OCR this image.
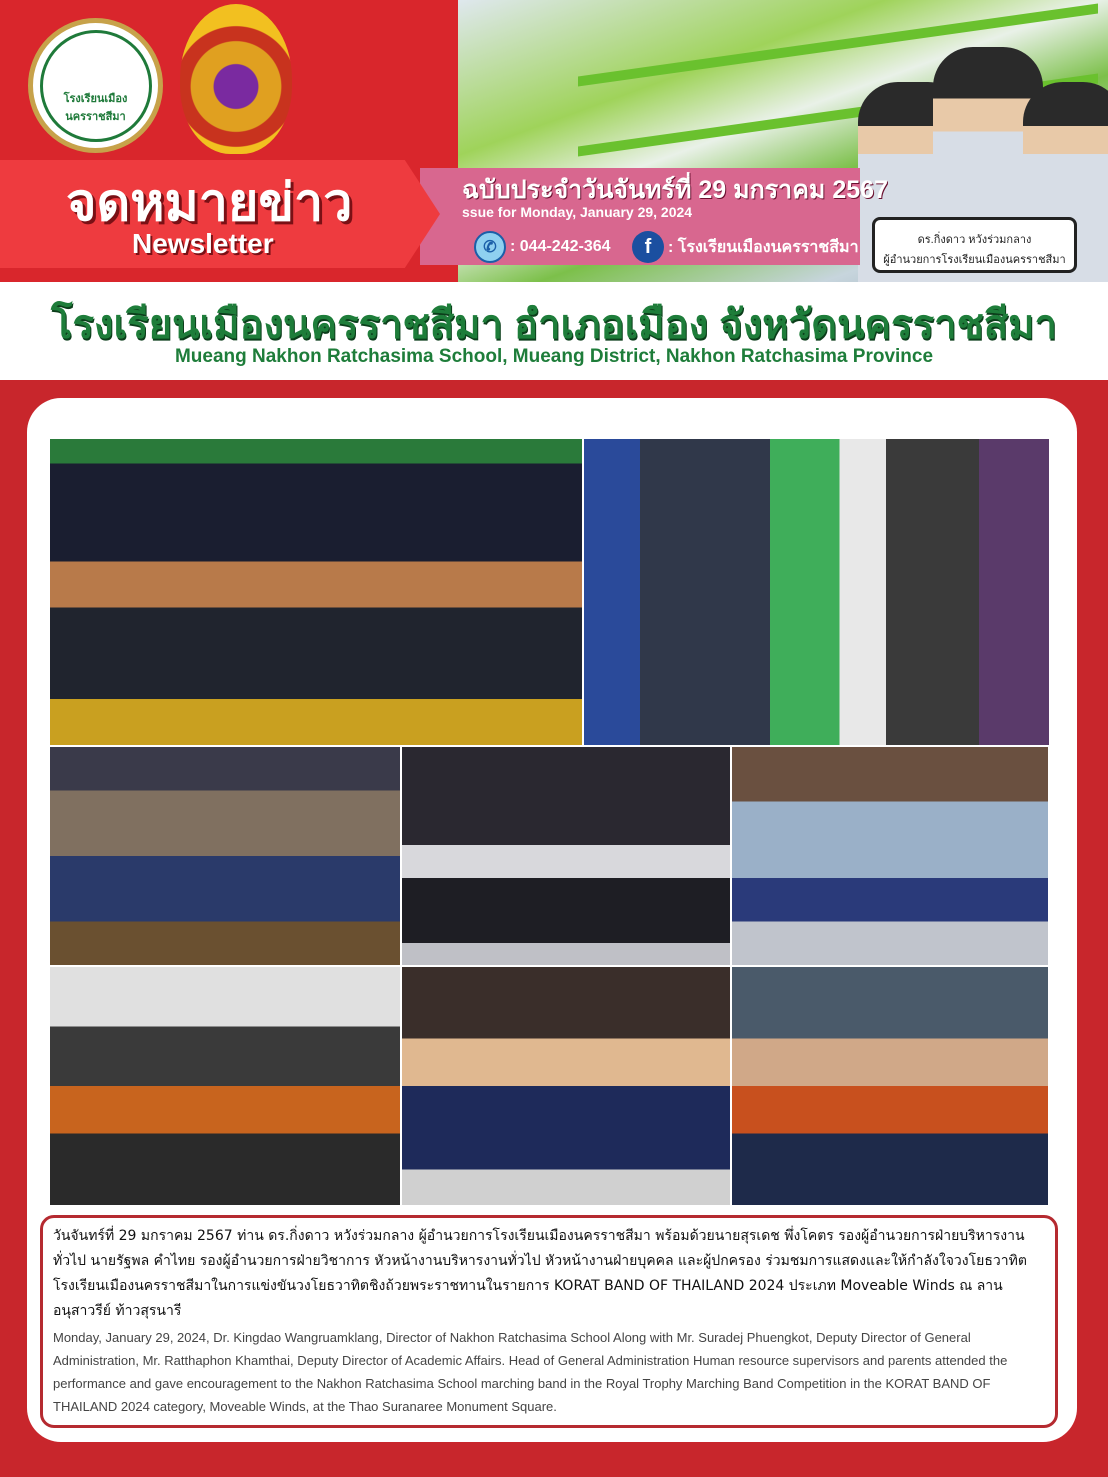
โรงเรียนเมืองนครราชสีมา
จดหมายข่าว
Newsletter
ฉบับประจำวันจันทร์ที่ 29 มกราคม 2567
ssue for Monday, January 29, 2024
✆ : 044-242-364	f	: โรงเรียนเมืองนครราชสีมา	ดร.กิ่งดาว หวังร่วมกลาง
ผู้อำนวยการโรงเรียนเมืองนครราชสีมา
โรงเรียนเมืองนครราชสีมา อำเภอเมือง จังหวัดนครราชสีมา
Mueang Nakhon Ratchasima School, Mueang District, Nakhon Ratchasima Province

วันจันทร์ที่ 29 มกราคม 2567 ท่าน ดร.กิ่งดาว หวังร่วมกลาง ผู้อำนวยการโรงเรียนเมืองนครราชสีมา พร้อมด้วยนายสุรเดช พึ่งโคตร รองผู้อำนวยการฝ่ายบริหารงานทั่วไป นายรัฐพล คำไทย รองผู้อำนวยการฝ่ายวิชาการ หัวหน้างานบริหารงานทั่วไป หัวหน้างานฝ่ายบุคคล และผู้ปกครอง ร่วมชมการแสดงและให้กำลังใจวงโยธวาทิตโรงเรียนเมืองนครราชสีมาในการแข่งขันวงโยธวาทิตชิงถ้วยพระราชทานในรายการ KORAT BAND OF THAILAND 2024 ประเภท Moveable Winds ณ ลานอนุสาวรีย์ ท้าวสุรนารี

Monday, January 29, 2024, Dr. Kingdao Wangruamklang, Director of Nakhon Ratchasima School Along with Mr. Suradej Phuengkot, Deputy Director of General Administration, Mr. Ratthaphon Khamthai, Deputy Director of Academic Affairs. Head of General Administration Human resource supervisors and parents attended the performance and gave encouragement to the Nakhon Ratchasima School marching band in the Royal Trophy Marching Band Competition in the KORAT BAND OF THAILAND 2024 category, Moveable Winds, at the Thao Suranaree Monument Square.
